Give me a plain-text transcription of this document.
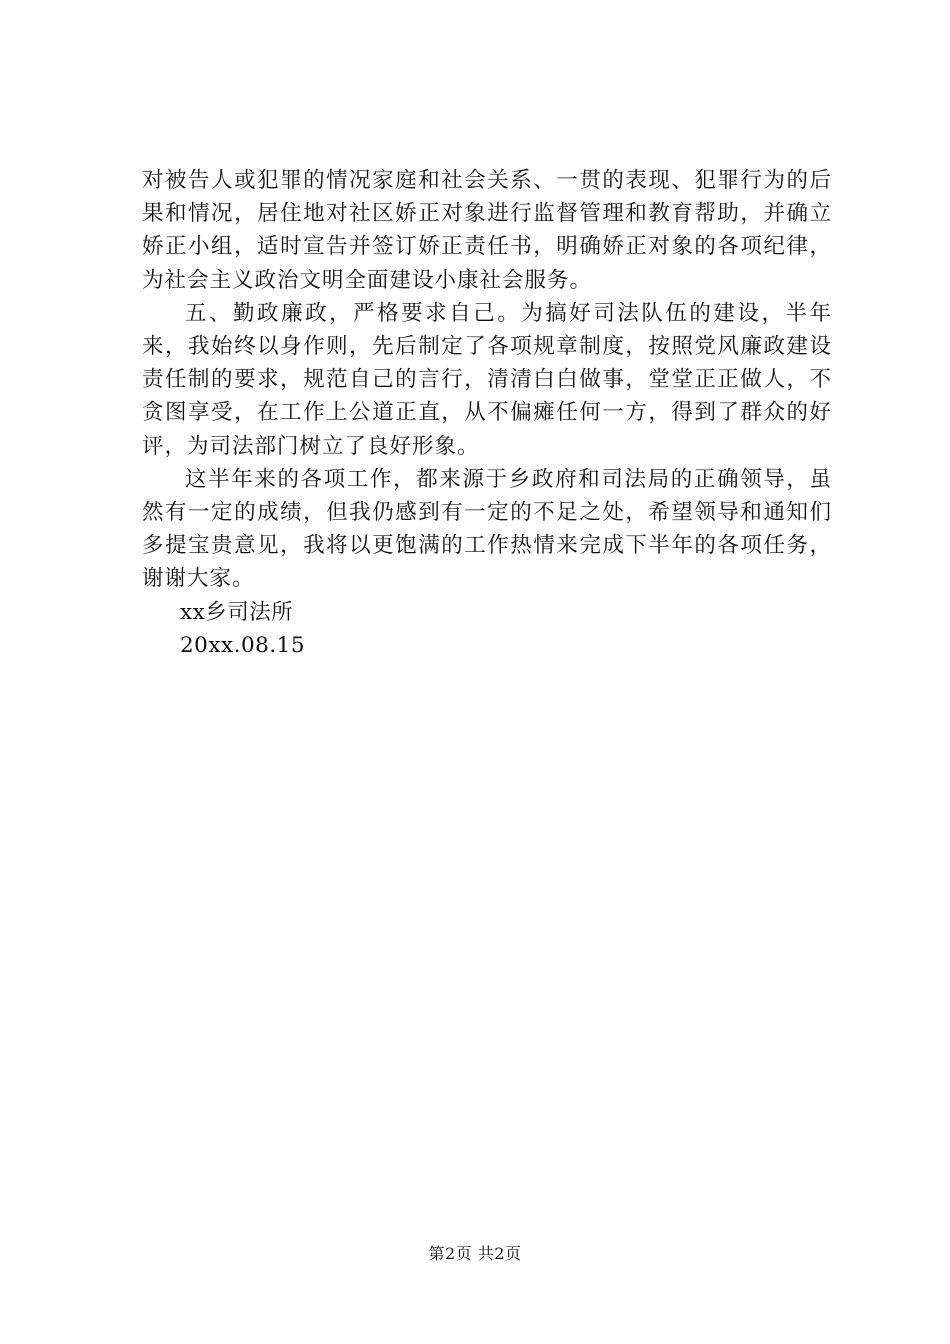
对被告人或犯罪的情况家庭和社会关系、一贯的表现、犯罪行为的后果和情况，居住地对社区娇正对象进行监督管理和教育帮助，并确立娇正小组，适时宣告并签订娇正责任书，明确娇正对象的各项纪律，为社会主义政治文明全面建设小康社会服务。

五、勤政廉政，严格要求自己。为搞好司法队伍的建设，半年来，我始终以身作则，先后制定了各项规章制度，按照党风廉政建设责任制的要求，规范自己的言行，清清白白做事，堂堂正正做人，不贪图享受，在工作上公道正直，从不偏瘫任何一方，得到了群众的好评，为司法部门树立了良好形象。

这半年来的各项工作，都来源于乡政府和司法局的正确领导，虽然有一定的成绩，但我仍感到有一定的不足之处，希望领导和通知们多提宝贵意见，我将以更饱满的工作热情来完成下半年的各项任务，谢谢大家。

xx乡司法所

20xx.08.15

第2页 共2页
